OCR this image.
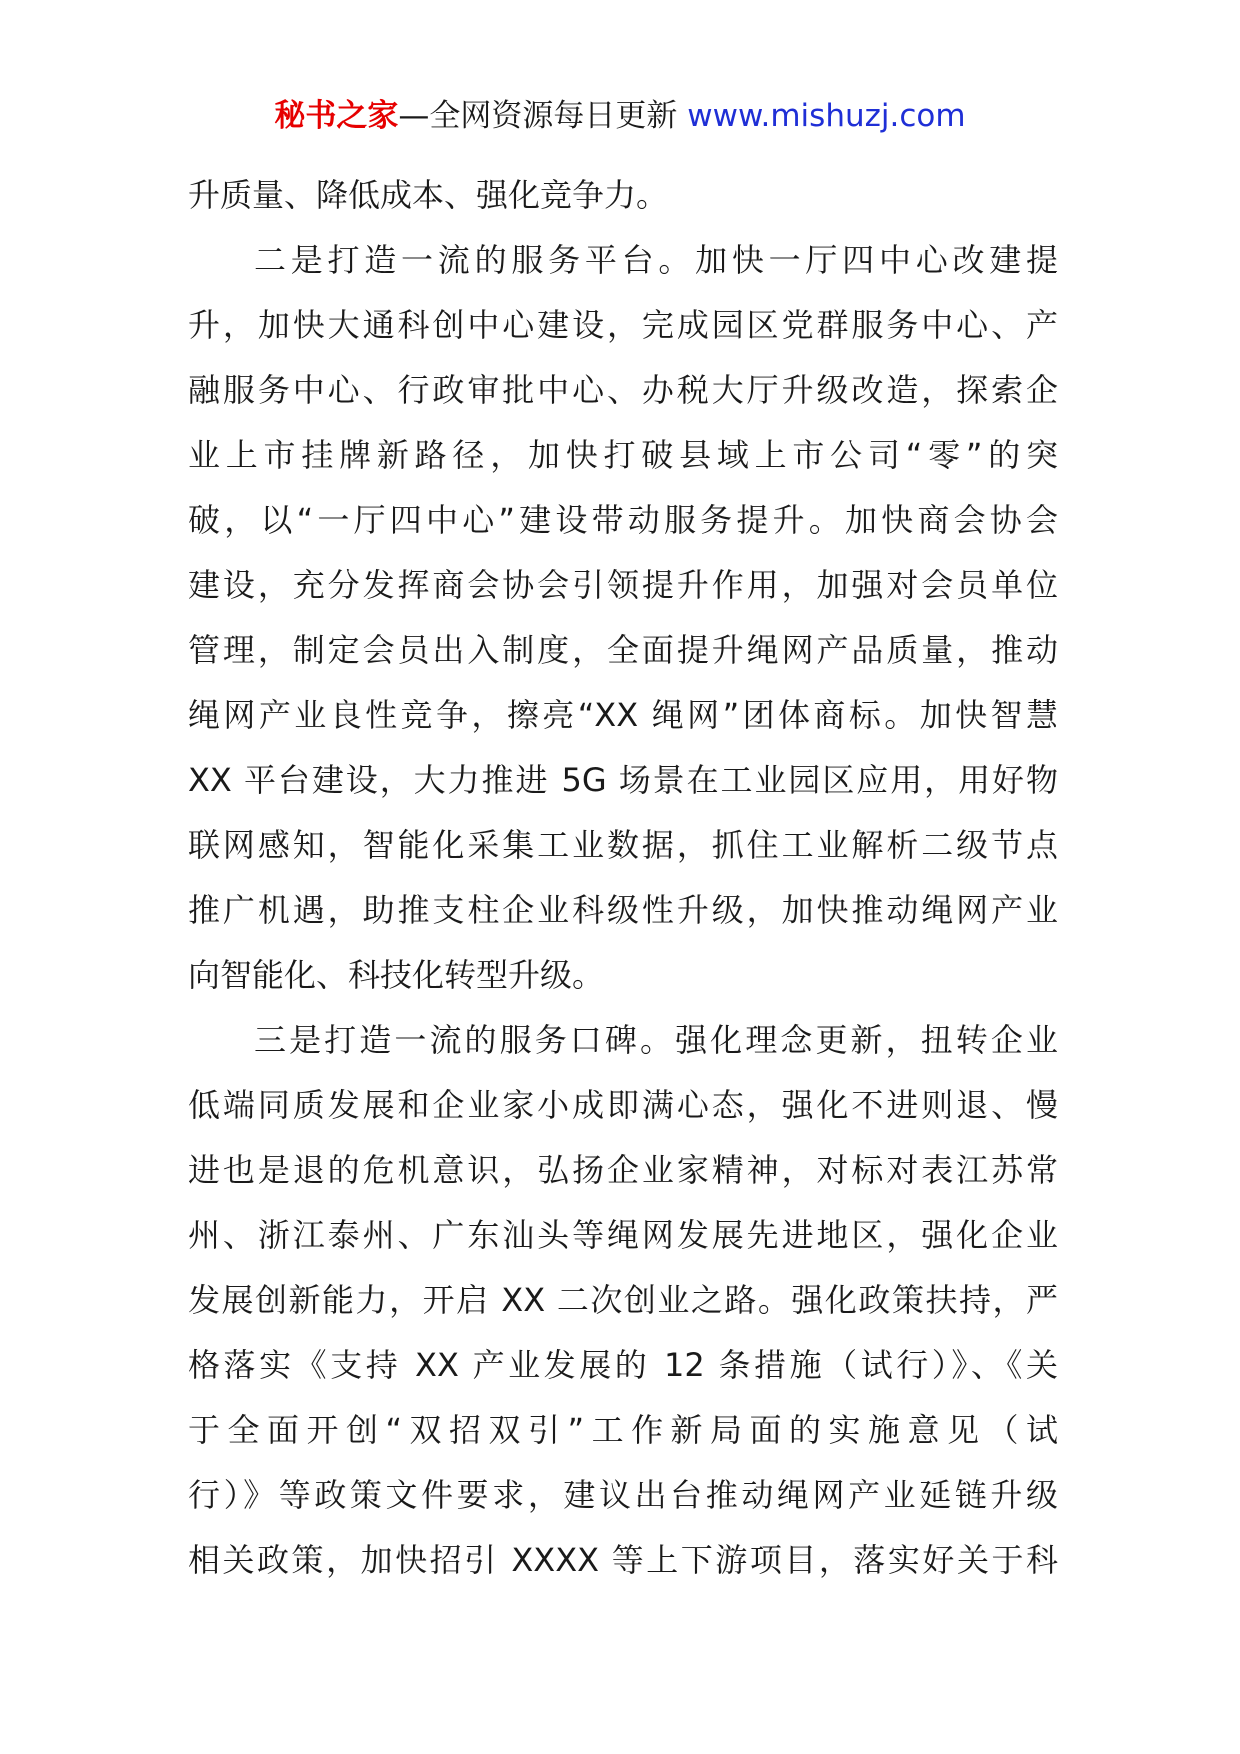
秘书之家—全网资源每日更新 www.mishuzj.com
升质量、降低成本、强化竞争力。
二是打造一流的服务平台。加快一厅四中心改建提
升，加快大通科创中心建设，完成园区党群服务中心、产
融服务中心、行政审批中心、办税大厅升级改造，探索企
业上市挂牌新路径，加快打破县域上市公司“零”的突
破，以“一厅四中心”建设带动服务提升。加快商会协会
建设，充分发挥商会协会引领提升作用，加强对会员单位
管理，制定会员出入制度，全面提升绳网产品质量，推动
绳网产业良性竞争，擦亮“XX 绳网”团体商标。加快智慧
XX 平台建设，大力推进 5G 场景在工业园区应用，用好物
联网感知，智能化采集工业数据，抓住工业解析二级节点
推广机遇，助推支柱企业科级性升级，加快推动绳网产业
向智能化、科技化转型升级。
三是打造一流的服务口碑。强化理念更新，扭转企业
低端同质发展和企业家小成即满心态，强化不进则退、慢
进也是退的危机意识，弘扬企业家精神，对标对表江苏常
州、浙江泰州、广东汕头等绳网发展先进地区，强化企业
发展创新能力，开启 XX 二次创业之路。强化政策扶持，严
格落实《支持 XX 产业发展的 12 条措施（试行）》、《关
于全面开创“双招双引”工作新局面的实施意见（试
行）》等政策文件要求，建议出台推动绳网产业延链升级
相关政策，加快招引 XXXX 等上下游项目，落实好关于科
